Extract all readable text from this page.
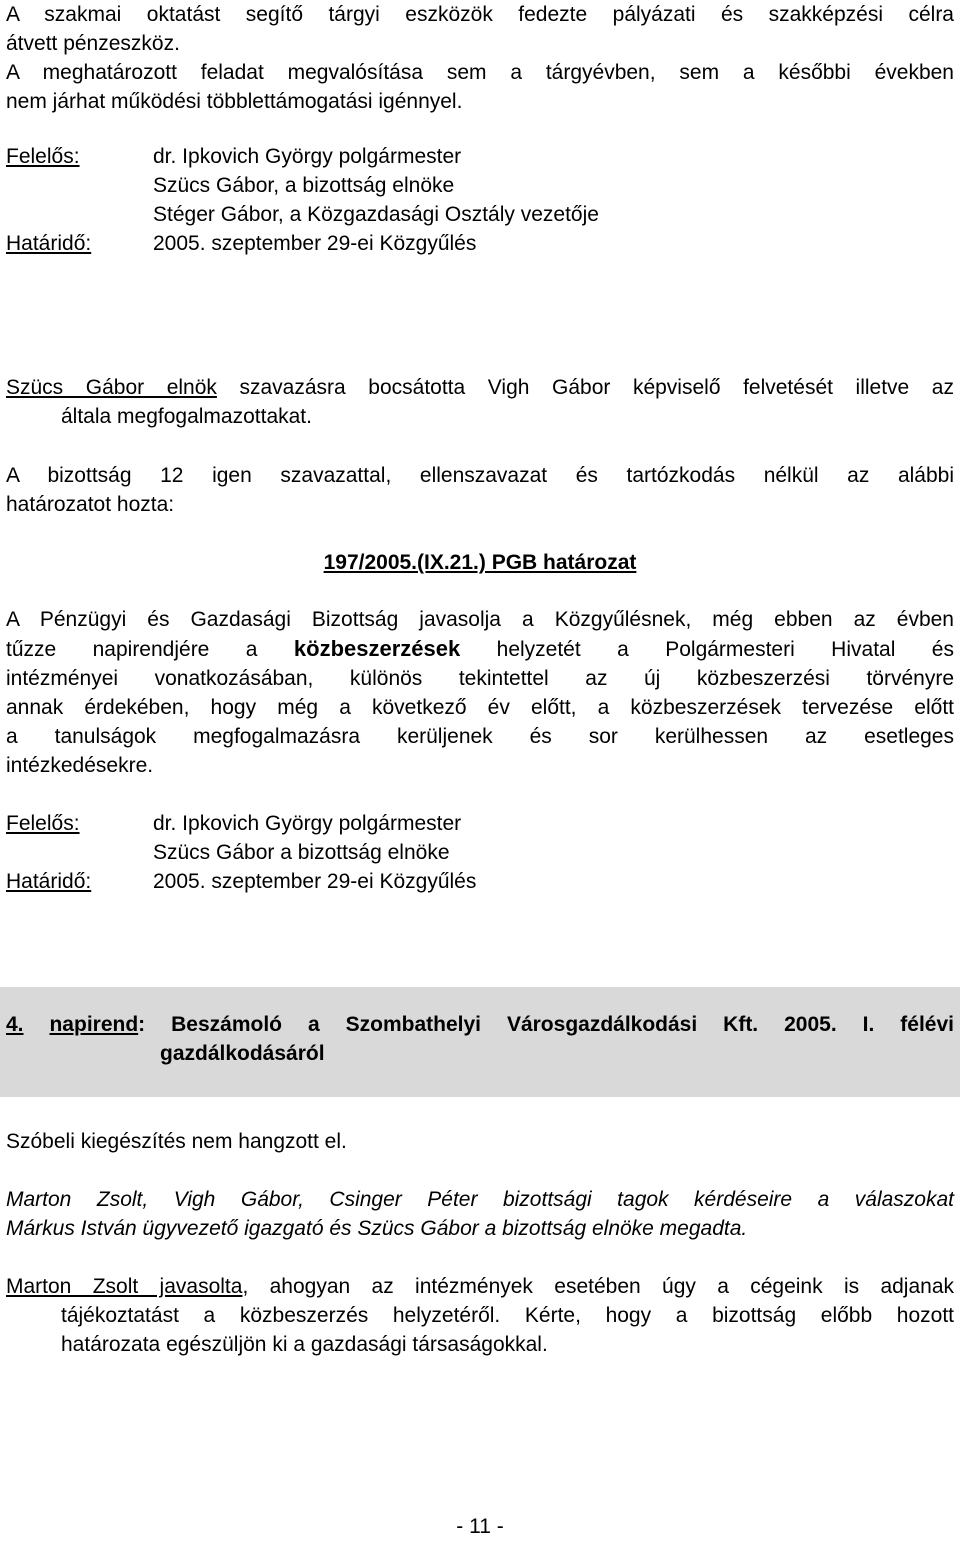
A szakmai oktatást segítő tárgyi eszközök fedezte pályázati és szakképzési célra
átvett pénzeszköz.
A meghatározott feladat megvalósítása sem a tárgyévben, sem a későbbi években
nem járhat működési többlettámogatási igénnyel.
Felelős:	dr. Ipkovich György polgármester
Szücs Gábor, a bizottság elnöke
Stéger Gábor, a Közgazdasági Osztály vezetője
Határidő:	2005. szeptember 29-ei Közgyűlés
Szücs Gábor elnök szavazásra bocsátotta Vigh Gábor képviselő felvetését illetve az
általa megfogalmazottakat.
A bizottság 12 igen szavazattal, ellenszavazat és tartózkodás nélkül az alábbi
határozatot hozta:
197/2005.(IX.21.) PGB határozat
A Pénzügyi és Gazdasági Bizottság javasolja a Közgyűlésnek, még ebben az évben
tűzze napirendjére a közbeszerzések helyzetét a Polgármesteri Hivatal és
intézményei vonatkozásában, különös tekintettel az új közbeszerzési törvényre
annak érdekében, hogy még a következő év előtt, a közbeszerzések tervezése előtt
a tanulságok megfogalmazásra kerüljenek és sor kerülhessen az esetleges
intézkedésekre.
Felelős:	dr. Ipkovich György polgármester
Szücs Gábor a bizottság elnöke
Határidő:	2005. szeptember 29-ei Közgyűlés
4. napirend: Beszámoló a Szombathelyi Városgazdálkodási Kft. 2005. I. félévi
gazdálkodásáról
Szóbeli kiegészítés nem hangzott el.
Marton Zsolt, Vigh Gábor, Csinger Péter bizottsági tagok kérdéseire a válaszokat
Márkus István ügyvezető igazgató és Szücs Gábor a bizottság elnöke megadta.
Marton Zsolt javasolta, ahogyan az intézmények esetében úgy a cégeink is adjanak
tájékoztatást a közbeszerzés helyzetéről. Kérte, hogy a bizottság előbb hozott
határozata egészüljön ki a gazdasági társaságokkal.
- 11 -
